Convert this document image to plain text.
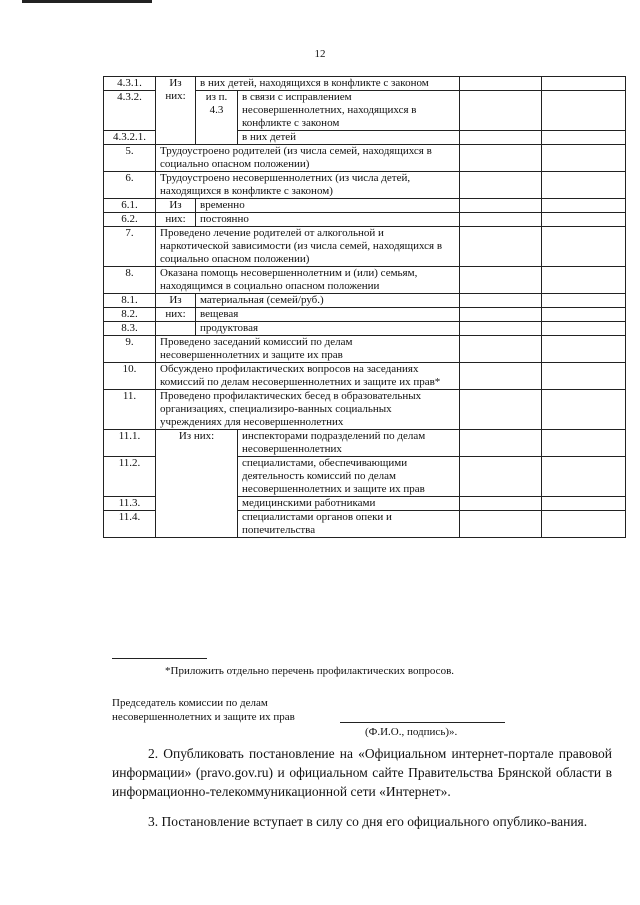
12
4.3.1.	Из них:	в них детей, находящихся в конфликте с законом			
4.3.2.		из п. 4.3	в связи с исправлением несовершеннолетних, находящихся в конфликте с законом		
4.3.2.1.			в них детей		
5.	Трудоустроено родителей (из числа семей, находящихся в социально опасном положении)				
6.	Трудоустроено несовершеннолетних (из числа детей, находящихся в конфликте с законом)				
6.1.	Из	временно			
6.2.	них:	постоянно			
7.	Проведено лечение родителей от алкогольной и наркотической зависимости (из числа семей, находящихся в социально опасном положении)				
8.	Оказана помощь несовершеннолетним и (или) семьям, находящимся в социально опасном положении				
8.1.	Из	материальная (семей/руб.)			
8.2.	них:	вещевая			
8.3.		продуктовая			
9.	Проведено заседаний комиссий по делам несовершеннолетних и защите их прав				
10.	Обсуждено профилактических вопросов на заседаниях комиссий по делам несовершеннолетних и защите их прав*				
11.	Проведено профилактических бесед в образовательных организациях, специализиро-ванных социальных учреждениях для несовершеннолетних				
11.1.	Из них:		инспекторами подразделений по делам несовершеннолетних		
11.2.			специалистами, обеспечивающими деятельность комиссий по делам несовершеннолетних и защите их прав		
11.3.			медицинскими работниками		
11.4.			специалистами органов опеки и попечительства		
*Приложить отдельно перечень профилактических вопросов.
Председатель комиссии по делам
несовершеннолетних и защите их прав
(Ф.И.О., подпись)».
2. Опубликовать постановление на «Официальном интернет-портале правовой информации» (pravo.gov.ru) и официальном сайте Правительства Брянской области в информационно-телекоммуникационной сети «Интернет».
3. Постановление вступает в силу со дня его официального опублико-вания.
